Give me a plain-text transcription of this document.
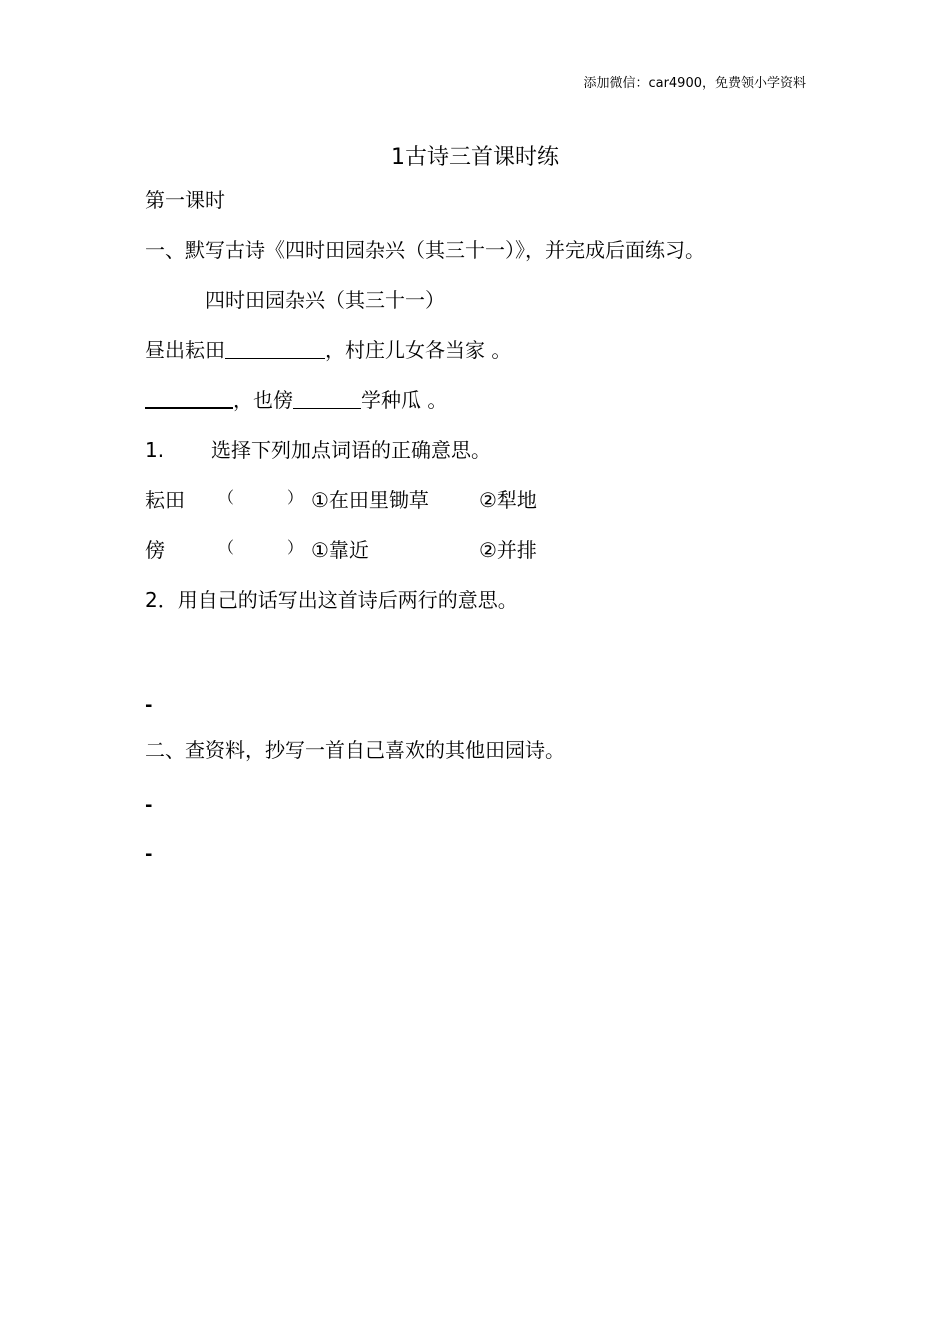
添加微信：car4900，免费领小学资料
1古诗三首课时练
第一课时
一、默写古诗《四时田园杂兴（其三十一）》，并完成后面练习。
四时田园杂兴（其三十一）
昼出耘田	，村庄儿女各当家 。
，也傍	学种瓜 。
1. 选择下列加点词语的正确意思。
耘田 （	） ①在田里锄草	②犁地
傍	（	） ①靠近	②并排
2．用自己的话写出这首诗后两行的意思。
-
二、查资料，抄写一首自己喜欢的其他田园诗。
-
-
